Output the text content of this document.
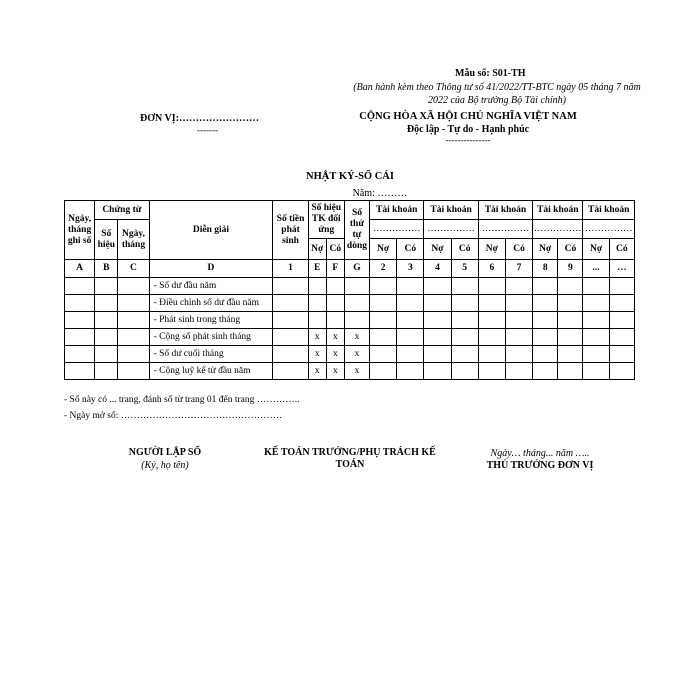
Mẫu số: S01-TH
(Ban hành kèm theo Thông tư số 41/2022/TT-BTC ngày 05 tháng 7 năm 2022 của Bộ trưởng Bộ Tài chính)
ĐƠN VỊ:……………………
-------
CỘNG HÒA XÃ HỘI CHỦ NGHĨA VIỆT NAM
Độc lập - Tự do - Hạnh phúc
---------------
NHẬT KÝ-SỔ CÁI
Năm: ………
Ngày, tháng ghi sổ	Chứng từ		Diễn giải	Số tiền phát sinh	Số hiệu TK đối ứng		Số thứ tự dòng	Tài khoản		Tài khoản		Tài khoản		Tài khoản		Tài khoản	
	Số hiệu	Ngày, tháng						……………		……………		……………		……………		……………	
					Nợ	Có		Nợ	Có	Nợ	Có	Nợ	Có	Nợ	Có	Nợ	Có
A	B	C	D	1	E	F	G	2	3	4	5	6	7	8	9	...	…
			- Số dư đầu năm														
			- Điều chỉnh số dư đầu năm														
			- Phát sinh trong tháng														
			- Cộng số phát sinh tháng		x	x	x										
			- Số dư cuối tháng		x	x	x										
			- Cộng luỹ kế từ đầu năm		x	x	x										
- Sổ này có ... trang, đánh số từ trang 01 đến trang …………..
- Ngày mở sổ: ……………………………………………
NGƯỜI LẬP SỔ
(Ký, họ tên)
KẾ TOÁN TRƯỞNG/PHỤ TRÁCH KẾ TOÁN
Ngày… tháng... năm …..
THỦ TRƯỞNG ĐƠN VỊ
